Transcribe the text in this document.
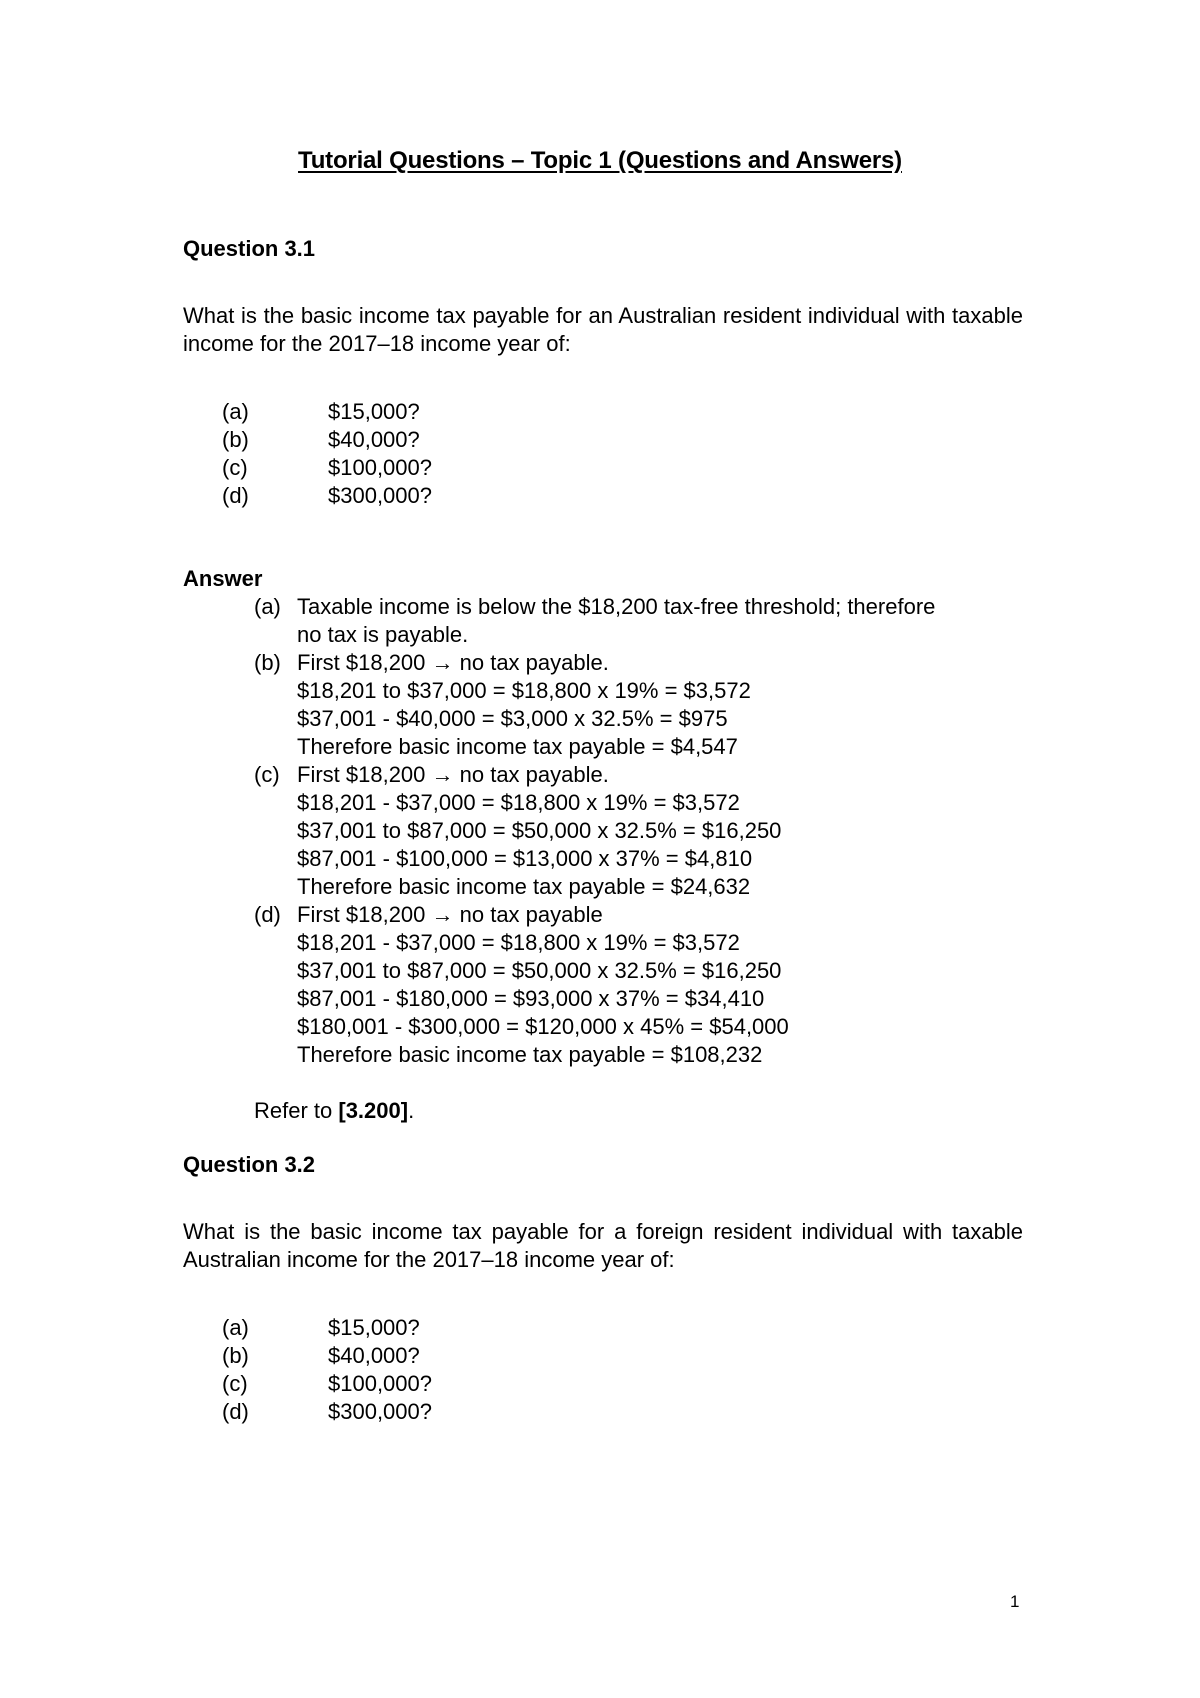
Tutorial Questions – Topic 1 (Questions and Answers)
Question 3.1
What is the basic income tax payable for an Australian resident individual with taxable income for the 2017–18 income year of:
(a)	$15,000?
(b)	$40,000?
(c)	$100,000?
(d)	$300,000?
Answer
(a) Taxable income is below the $18,200 tax-free threshold; therefore
no tax is payable.
(b) First $18,200 → no tax payable.
$18,201 to $37,000 = $18,800 x 19% = $3,572
$37,001 - $40,000 = $3,000 x 32.5% = $975
Therefore basic income tax payable = $4,547
(c) First $18,200 → no tax payable.
$18,201 - $37,000 = $18,800 x 19% = $3,572
$37,001 to $87,000 = $50,000 x 32.5% = $16,250
$87,001 - $100,000 = $13,000 x 37% = $4,810
Therefore basic income tax payable = $24,632
(d) First $18,200 → no tax payable
$18,201 - $37,000 = $18,800 x 19% = $3,572
$37,001 to $87,000 = $50,000 x 32.5% = $16,250
$87,001 - $180,000 = $93,000 x 37% = $34,410
$180,001 - $300,000 = $120,000 x 45% = $54,000
Therefore basic income tax payable = $108,232
Refer to [3.200].
Question 3.2
What is the basic income tax payable for a foreign resident individual with taxable Australian income for the 2017–18 income year of:
(a)	$15,000?
(b)	$40,000?
(c)	$100,000?
(d)	$300,000?
1
